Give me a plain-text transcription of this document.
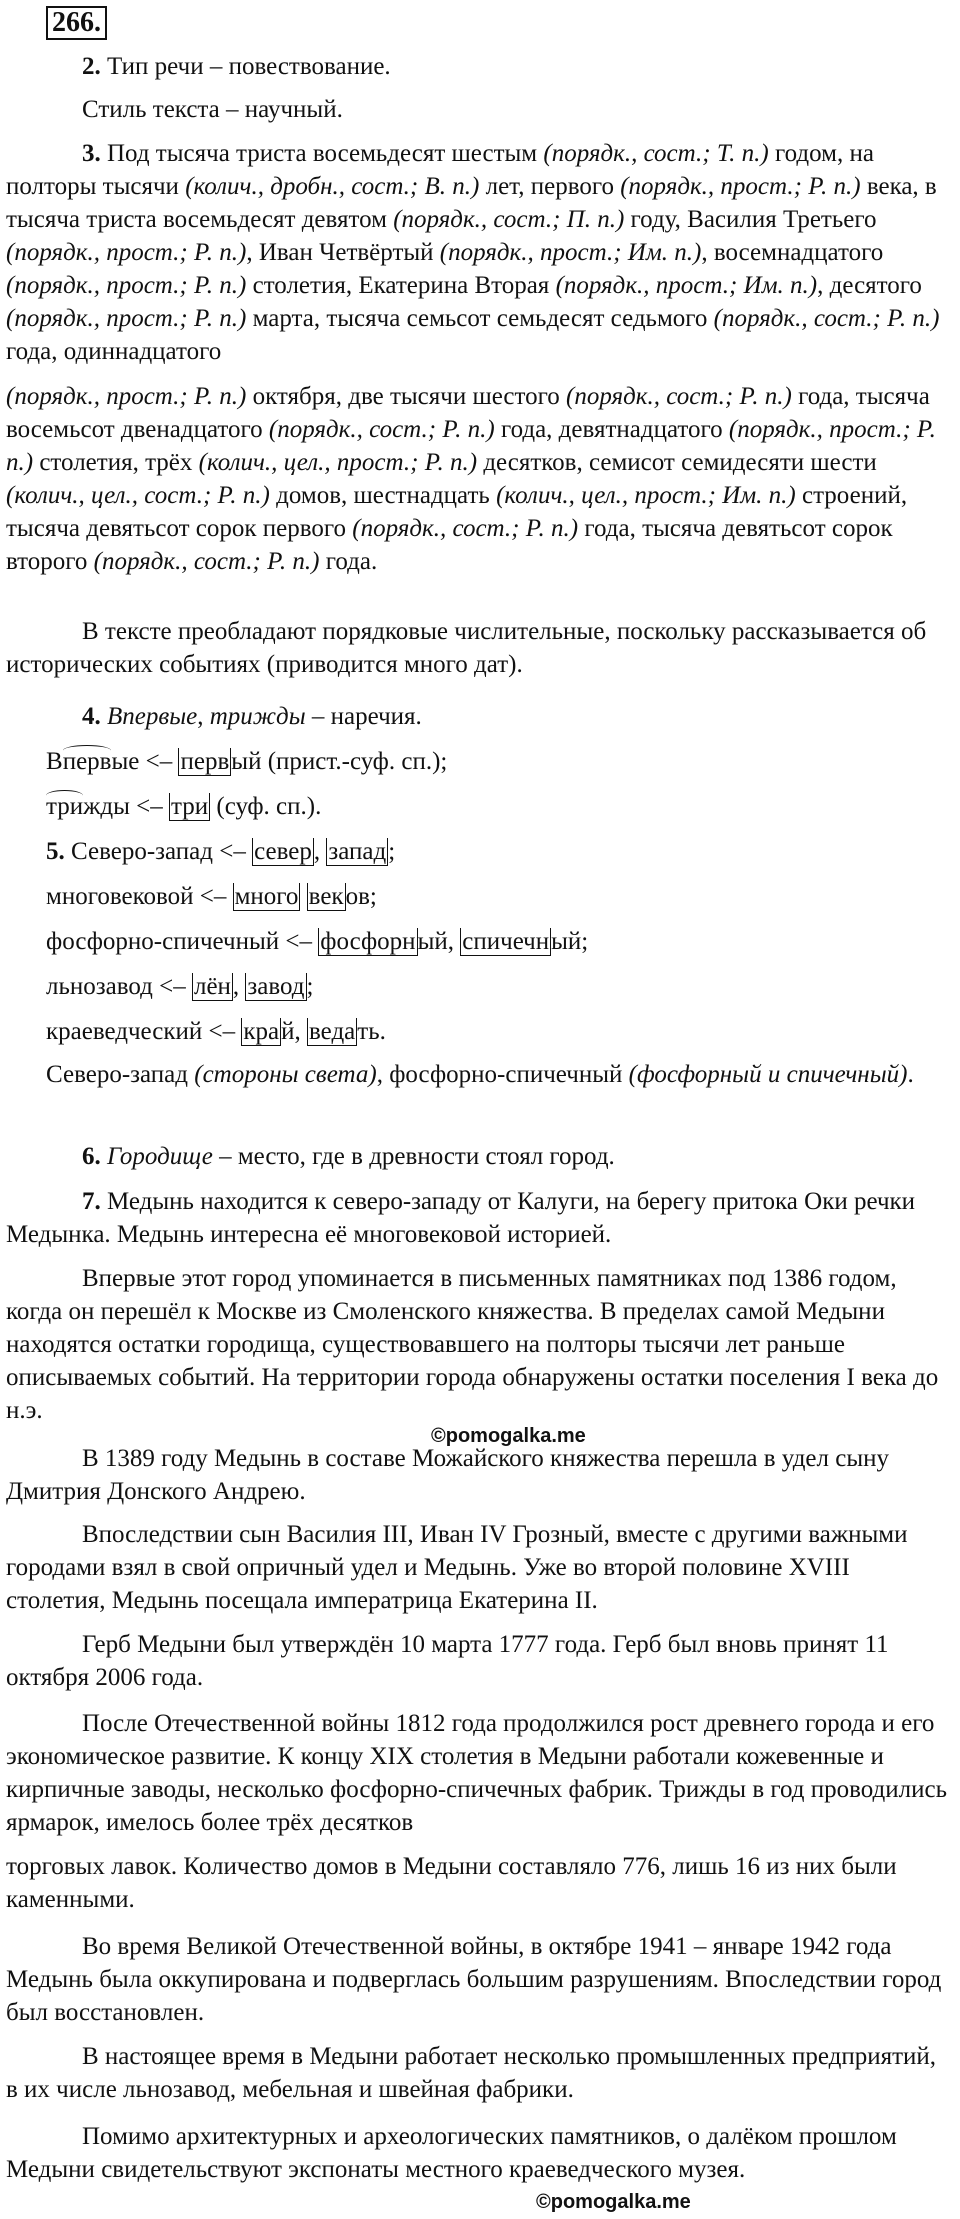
266.

2. Тип речи – повествование.

Стиль текста – научный.

3. Под тысяча триста восемьдесят шестым (порядк., сост.; Т. п.) годом, на полторы тысячи (колич., дробн., сост.; В. п.) лет, первого (порядк., прост.; Р. п.) века, в тысяча триста восемьдесят девятом (порядк., сост.; П. п.) году, Василия Третьего (порядк., прост.; Р. п.), Иван Четвёртый (порядк., прост.; Им. п.), восемнадцатого (порядк., прост.; Р. п.) столетия, Екатерина Вторая (порядк., прост.; Им. п.), десятого (порядк., прост.; Р. п.) марта, тысяча семьсот семьдесят седьмого (порядк., сост.; Р. п.) года, одиннадцатого

(порядк., прост.; Р. п.) октября, две тысячи шестого (порядк., сост.; Р. п.) года, тысяча восемьсот двенадцатого (порядк., сост.; Р. п.) года, девятнадцатого (порядк., прост.; Р. п.) столетия, трёх (колич., цел., прост.; Р. п.) десятков, семисот семидесяти шести (колич., цел., сост.; Р. п.) домов, шестнадцать (колич., цел., прост.; Им. п.) строений, тысяча девятьсот сорок первого (порядк., сост.; Р. п.) года, тысяча девятьсот сорок второго (порядк., сост.; Р. п.) года.

В тексте преобладают порядковые числительные, поскольку рассказывается об исторических событиях (приводится много дат).

4. Впервые, трижды – наречия.

Впервые <– первый (прист.-суф. сп.);

трижды <– три (суф. сп.).

5. Северо-запад <– север, запад;

многовековой <– много веков;

фосфорно-спичечный <– фосфорный, спичечный;

льнозавод <– лён, завод;

краеведческий <– край, ведать.

Северо-запад (стороны света), фосфорно-спичечный (фосфорный и спичечный).

6. Городище – место, где в древности стоял город.

7. Медынь находится к северо-западу от Калуги, на берегу притока Оки речки Медынка. Медынь интересна её многовековой историей.

Впервые этот город упоминается в письменных памятниках под 1386 годом, когда он перешёл к Москве из Смоленского княжества. В пределах самой Медыни находятся остатки городища, существовавшего на полторы тысячи лет раньше описываемых событий. На территории города обнаружены остатки поселения I века до н.э.

©pomogalka.me

В 1389 году Медынь в составе Можайского княжества перешла в удел сыну Дмитрия Донского Андрею.

Впоследствии сын Василия III, Иван IV Грозный, вместе с другими важными городами взял в свой опричный удел и Медынь. Уже во второй половине XVIII столетия, Медынь посещала императрица Екатерина II.

Герб Медыни был утверждён 10 марта 1777 года. Герб был вновь принят 11 октября 2006 года.

После Отечественной войны 1812 года продолжился рост древнего города и его экономическое развитие. К концу XIX столетия в Медыни работали кожевенные и кирпичные заводы, несколько фосфорно-спичечных фабрик. Трижды в год проводились ярмарок, имелось более трёх десятков

торговых лавок. Количество домов в Медыни составляло 776, лишь 16 из них были каменными.

Во время Великой Отечественной войны, в октябре 1941 – январе 1942 года Медынь была оккупирована и подверглась большим разрушениям. Впоследствии город был восстановлен.

В настоящее время в Медыни работает несколько промышленных предприятий, в их числе льнозавод, мебельная и швейная фабрики.

Помимо архитектурных и археологических памятников, о далёком прошлом Медыни свидетельствуют экспонаты местного краеведческого музея.

©pomogalka.me
